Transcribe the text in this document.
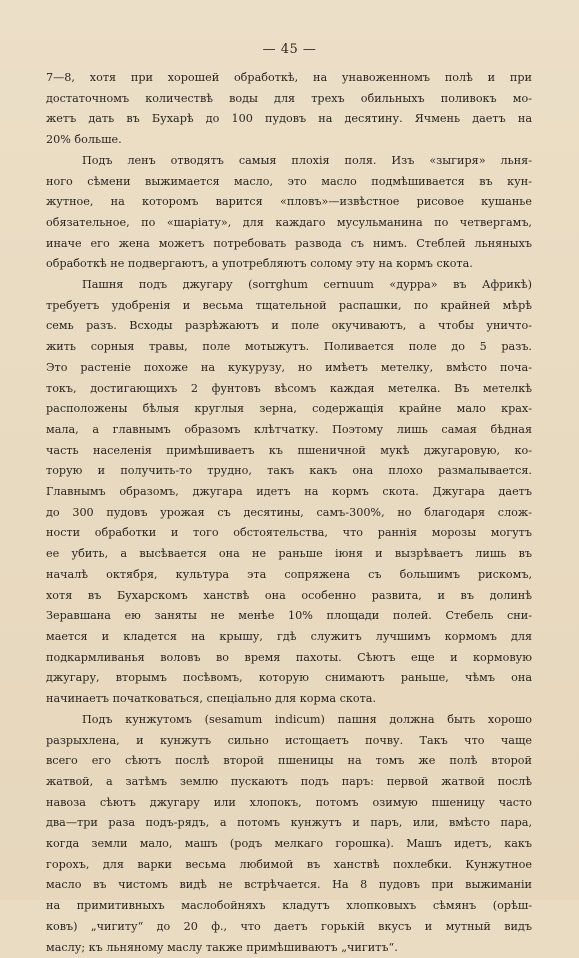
— 45 —
7—8, хотя при хорошей обработкѣ, на унавоженномъ полѣ и при
достаточномъ количествѣ воды для трехъ обильныхъ поливокъ мо-
жетъ дать въ Бухарѣ до 100 пудовъ на десятину. Ячмень даетъ на
20% больше.
Подъ ленъ отводятъ самыя плохія поля. Изъ «зыгиря» льня-
ного сѣмени выжимается масло, это масло подмѣшивается въ кун-
жутное, на которомъ варится «пловъ»—извѣстное рисовое кушанье
обязательное, по «шаріату», для каждаго мусульманина по четвергамъ,
иначе его жена можетъ потребовать развода съ нимъ. Стеблей льняныхъ
обработкѣ не подвергаютъ, а употребляютъ солому эту на кормъ скота.
Пашня подъ джугару (sorrghum cernuum «дурра» въ Африкѣ)
требуетъ удобренія и весьма тщательной распашки, по крайней мѣрѣ
семь разъ. Всходы разрѣжаютъ и поле окучиваютъ, а чтобы уничто-
жить сорныя травы, поле мотыжутъ. Поливается поле до 5 разъ.
Это растеніе похоже на кукурузу, но имѣетъ метелку, вмѣсто поча-
токъ, достигающихъ 2 фунтовъ вѣсомъ каждая метелка. Въ метелкѣ
расположены бѣлыя круглыя зерна, содержащія крайне мало крах-
мала, а главнымъ образомъ клѣтчатку. Поэтому лишь самая бѣдная
часть населенія примѣшиваетъ къ пшеничной мукѣ джугаровую, ко-
торую и получить-то трудно, такъ какъ она плохо размалывается.
Главнымъ образомъ, джугара идетъ на кормъ скота. Джугара даетъ
до 300 пудовъ урожая съ десятины, самъ-300%, но благодаря слож-
ности обработки и того обстоятельства, что раннія морозы могутъ
ее убить, а высѣвается она не раньше іюня и вызрѣваетъ лишь въ
началѣ октября, культура эта сопряжена съ большимъ рискомъ,
хотя въ Бухарскомъ ханствѣ она особенно развита, и въ долинѣ
Зеравшана ею заняты не менѣе 10% площади полей. Стебель сни-
мается и кладется на крышу, гдѣ служитъ лучшимъ кормомъ для
подкармливанья воловъ во время пахоты. Сѣютъ еще и кормовую
джугару, вторымъ посѣвомъ, которую снимаютъ раньше, чѣмъ она
начинаетъ початковаться, спеціально для корма скота.
Подъ кунжутомъ (sesamum indicum) пашня должна быть хорошо
разрыхлена, и кунжутъ сильно истощаетъ почву. Такъ что чаще
всего его сѣютъ послѣ второй пшеницы на томъ же полѣ второй
жатвой, а затѣмъ землю пускаютъ подъ паръ: первой жатвой послѣ
навоза сѣютъ джугару или хлопокъ, потомъ озимую пшеницу часто
два—три раза подъ-рядъ, а потомъ кунжутъ и паръ, или, вмѣсто пара,
когда земли мало, машъ (родъ мелкаго горошка). Машъ идетъ, какъ
горохъ, для варки весьма любимой въ ханствѣ похлебки. Кунжутное
масло въ чистомъ видѣ не встрѣчается. На 8 пудовъ при выжиманіи
на примитивныхъ маслобойняхъ кладутъ хлопковыхъ сѣмянъ (орѣш-
ковъ) „чигиту“ до 20 ф., что даетъ горькій вкусъ и мутный видъ
маслу; къ льняному маслу также примѣшиваютъ „чигитъ“.
